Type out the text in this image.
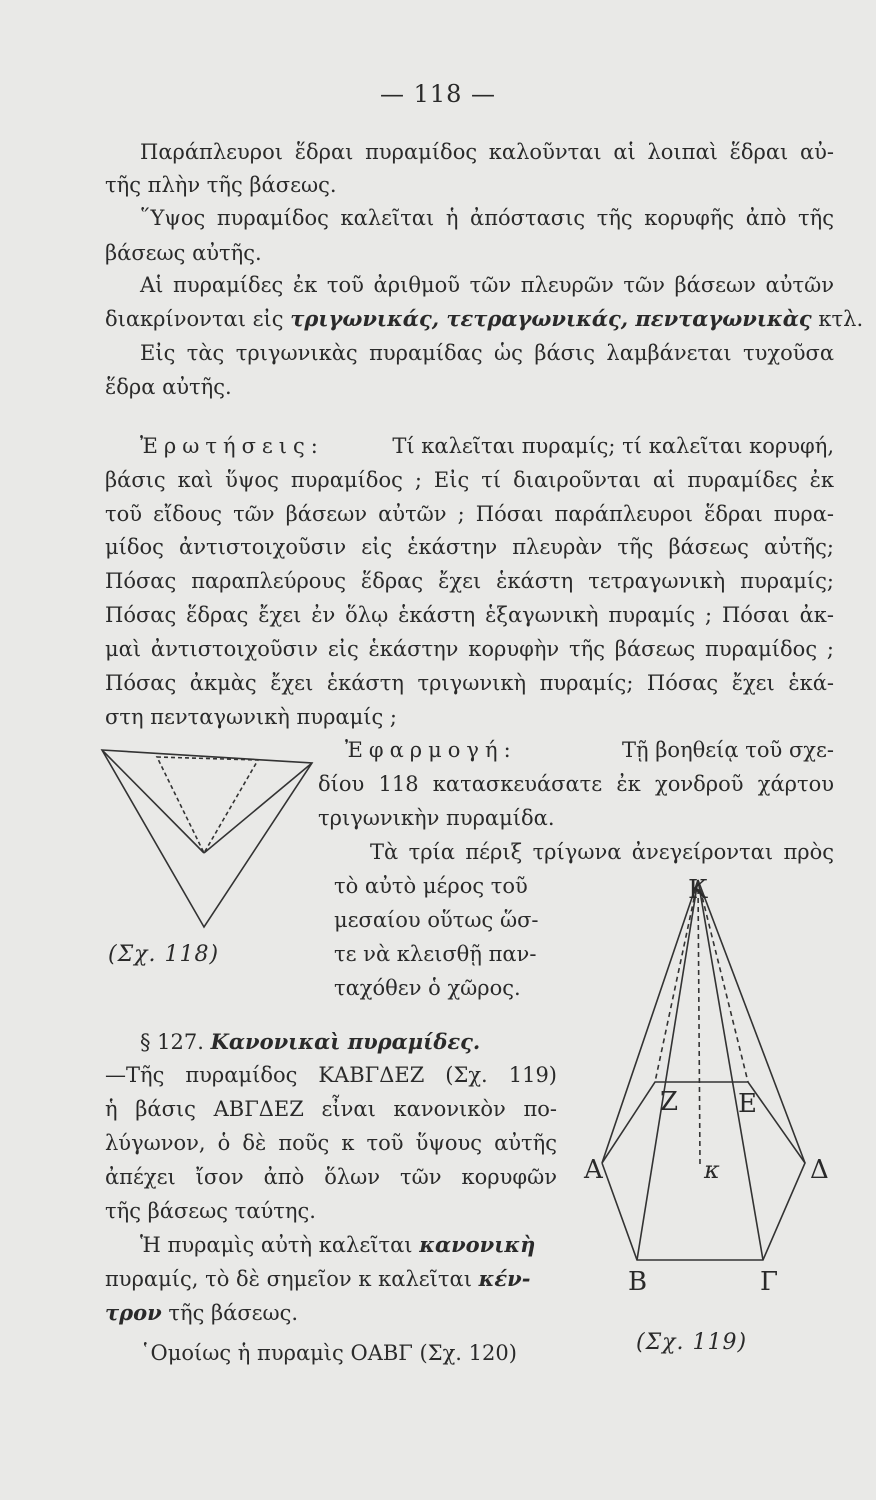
— 118 —
Παράπλευροι ἕδραι πυραμίδος καλοῦνται αἱ λοιπαὶ ἕδραι αὐ-
τῆς πλὴν τῆς βάσεως.
῞Υψος πυραμίδος καλεῖται ἡ ἀπόστασις τῆς κορυφῆς ἀπὸ τῆς
βάσεως αὐτῆς.
Αἱ πυραμίδες ἐκ τοῦ ἀριθμοῦ τῶν πλευρῶν τῶν βάσεων αὐτῶν
διακρίνονται εἰς τριγωνικάς, τετραγωνικάς, πενταγωνικὰς κτλ.
Εἰς τὰς τριγωνικὰς πυραμίδας ὡς βάσις λαμβάνεται τυχοῦσα
ἕδρα αὐτῆς.
Ἐρωτήσεις:	Τί καλεῖται πυραμίς; τί καλεῖται κορυφή,
βάσις καὶ ὕψος πυραμίδος ; Εἰς τί διαιροῦνται αἱ πυραμίδες ἐκ
τοῦ εἴδους τῶν βάσεων αὐτῶν ; Πόσαι παράπλευροι ἕδραι πυρα-
μίδος ἀντιστοιχοῦσιν εἰς ἑκάστην πλευρὰν τῆς βάσεως αὐτῆς;
Πόσας παραπλεύρους ἕδρας ἔχει ἑκάστη τετραγωνικὴ πυραμίς;
Πόσας ἕδρας ἔχει ἐν ὅλῳ ἑκάστη ἑξαγωνικὴ πυραμίς ; Πόσαι ἀκ-
μαὶ ἀντιστοιχοῦσιν εἰς ἑκάστην κορυφὴν τῆς βάσεως πυραμίδος ;
Πόσας ἀκμὰς ἔχει ἑκάστη τριγωνικὴ πυραμίς; Πόσας ἔχει ἑκά-
στη πενταγωνικὴ πυραμίς ;
Ἐφαρμογή:	Τῇ βοηθείᾳ τοῦ σχε-
δίου 118 κατασκευάσατε ἐκ χονδροῦ χάρτου
τριγωνικὴν πυραμίδα.
Τὰ τρία πέριξ τρίγωνα ἀνεγείρονται πρὸς
τὸ αὐτὸ μέρος τοῦ
μεσαίου οὕτως ὥσ-
τε νὰ κλεισθῇ παν-
ταχόθεν ὁ χῶρος.
§ 127. Κανονικαὶ πυραμίδες.
—Τῆς πυραμίδος ΚΑΒΓΔΕΖ (Σχ. 119)
ἡ βάσις ΑΒΓΔΕΖ εἶναι κανονικὸν πο-
λύγωνον, ὁ δὲ ποῦς κ τοῦ ὕψους αὐτῆς
ἀπέχει ἴσον ἀπὸ ὅλων τῶν κορυφῶν
τῆς βάσεως ταύτης.
Ἡ πυραμὶς αὐτὴ καλεῖται κανονικὴ
πυραμίς, τὸ δὲ σημεῖον κ καλεῖται κέν-
τρον τῆς βάσεως.
῾Ομοίως ἡ πυραμὶς ΟΑΒΓ (Σχ. 120)
(Σχ. 118)
K
Z Ε
Α	Δ
B	Γ
κ
(Σχ. 119)
